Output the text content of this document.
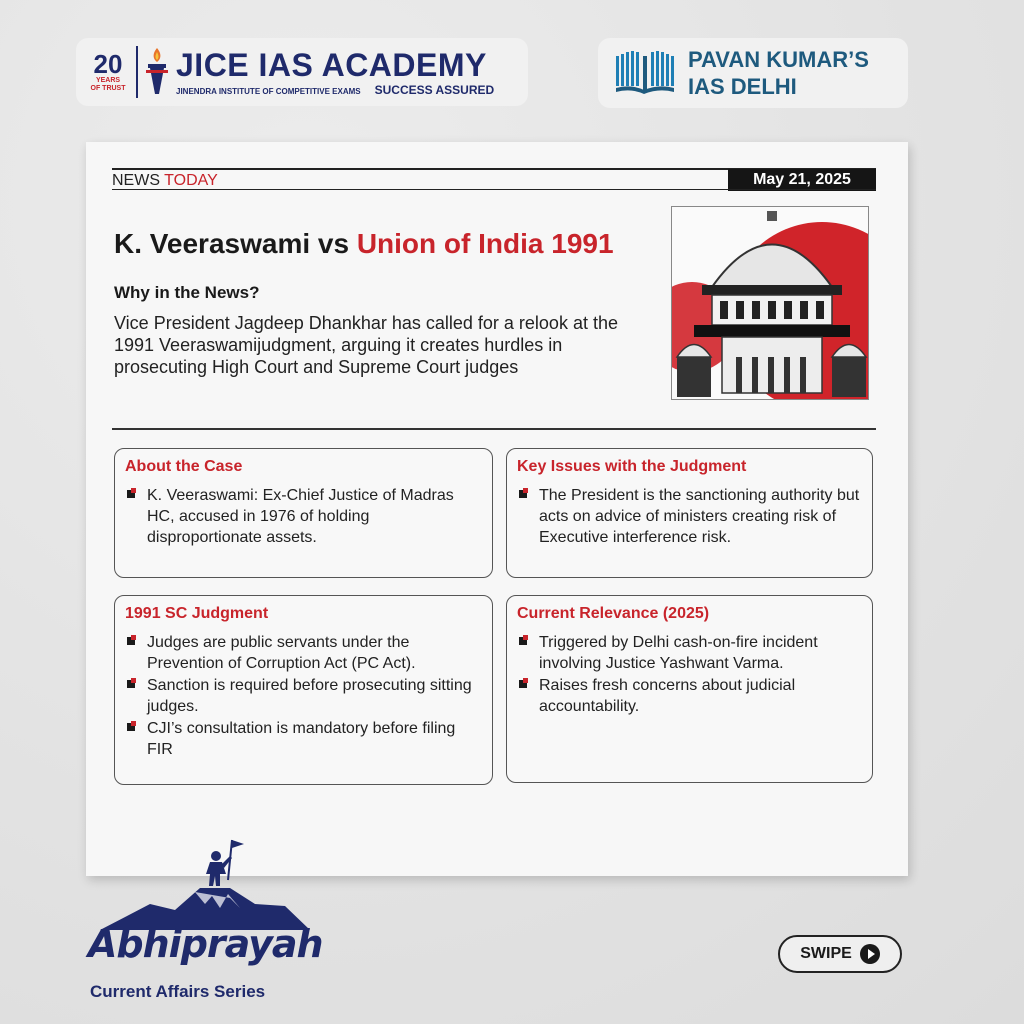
20
YEARS
OF TRUST
JICE IAS ACADEMY
JINENDRA INSTITUTE OF COMPETITIVE EXAMS SUCCESS ASSURED
PAVAN KUMAR’S
IAS DELHI
NEWS TODAY	May 21, 2025
K. Veeraswami vs Union of India 1991
Why in the News?
Vice President Jagdeep Dhankhar has called for a relook at the 1991 Veeraswamijudgment, arguing it creates hurdles in prosecuting High Court and Supreme Court judges
About the Case
K. Veeraswami: Ex-Chief Justice of Madras HC, accused in 1976 of holding disproportionate assets.
Key Issues with the Judgment
The President is the sanctioning authority but acts on advice of ministers creating risk of Executive interference risk.
1991 SC Judgment
Judges are public servants under the Prevention of Corruption Act (PC Act).
Sanction is required before prosecuting sitting judges.
CJI’s consultation is mandatory before filing FIR
Current Relevance (2025)
Triggered by Delhi cash-on-fire incident involving Justice Yashwant Varma.
Raises fresh concerns about judicial accountability.
Abhiprayah
Current Affairs Series
SWIPE
